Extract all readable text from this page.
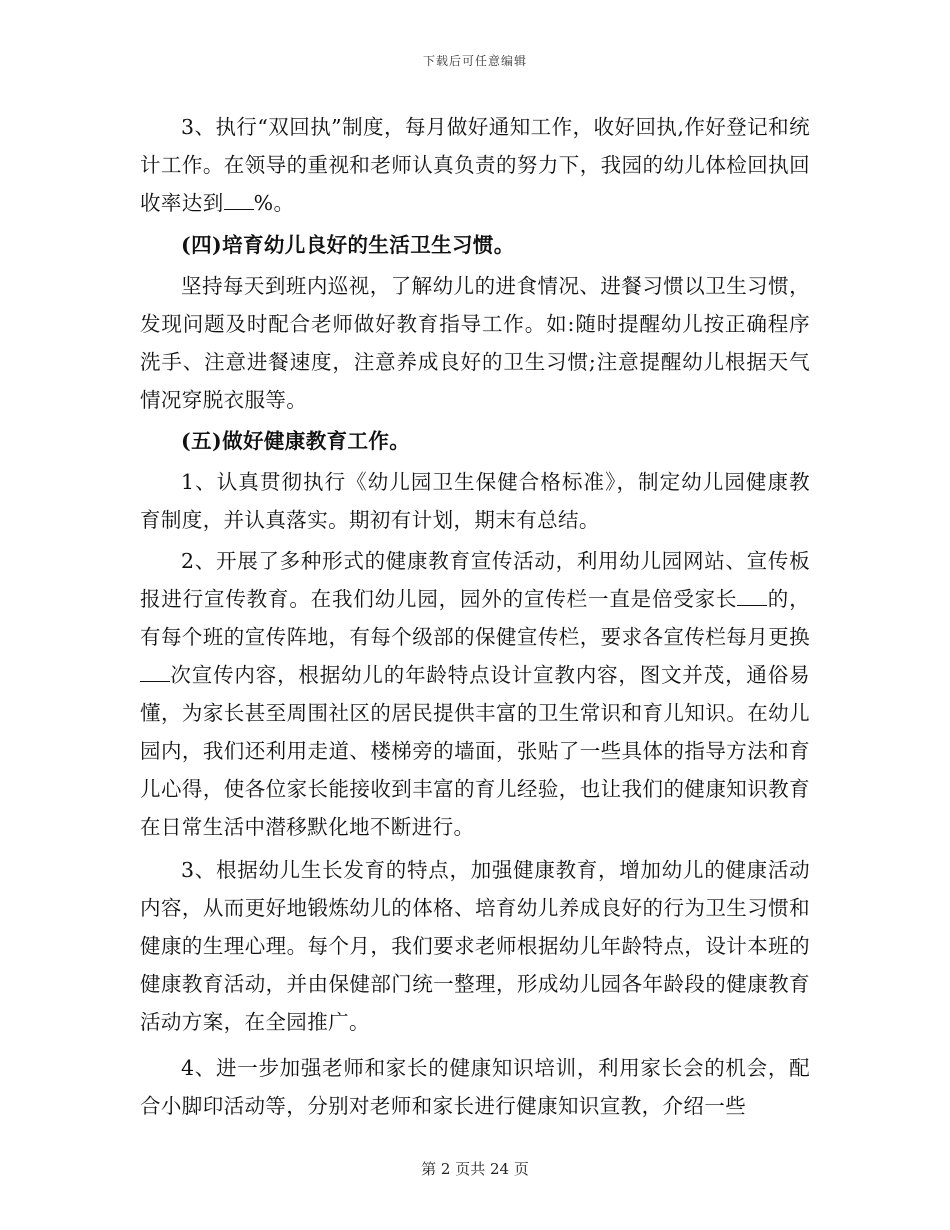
下载后可任意编辑

3、执行“双回执”制度，每月做好通知工作，收好回执,作好登记和统计工作。在领导的重视和老师认真负责的努力下，我园的幼儿体检回执回收率达到 %。

(四)培育幼儿良好的生活卫生习惯。

坚持每天到班内巡视，了解幼儿的进食情况、进餐习惯以卫生习惯，发现问题及时配合老师做好教育指导工作。如:随时提醒幼儿按正确程序洗手、注意进餐速度，注意养成良好的卫生习惯;注意提醒幼儿根据天气情况穿脱衣服等。

(五)做好健康教育工作。

1、认真贯彻执行《幼儿园卫生保健合格标准》，制定幼儿园健康教育制度，并认真落实。期初有计划，期末有总结。

2、开展了多种形式的健康教育宣传活动，利用幼儿园网站、宣传板报进行宣传教育。在我们幼儿园，园外的宣传栏一直是倍受家长 的，有每个班的宣传阵地，有每个级部的保健宣传栏，要求各宣传栏每月更换次宣传内容，根据幼儿的年龄特点设计宣教内容，图文并茂，通俗易懂，为家长甚至周围社区的居民提供丰富的卫生常识和育儿知识。在幼儿园内，我们还利用走道、楼梯旁的墙面，张贴了一些具体的指导方法和育儿心得，使各位家长能接收到丰富的育儿经验，也让我们的健康知识教育在日常生活中潜移默化地不断进行。

3、根据幼儿生长发育的特点，加强健康教育，增加幼儿的健康活动内容，从而更好地锻炼幼儿的体格、培育幼儿养成良好的行为卫生习惯和健康的生理心理。每个月，我们要求老师根据幼儿年龄特点，设计本班的健康教育活动，并由保健部门统一整理，形成幼儿园各年龄段的健康教育活动方案，在全园推广。

4、进一步加强老师和家长的健康知识培训，利用家长会的机会，配合小脚印活动等，分别对老师和家长进行健康知识宣教，介绍一些

第 2 页共 24 页
